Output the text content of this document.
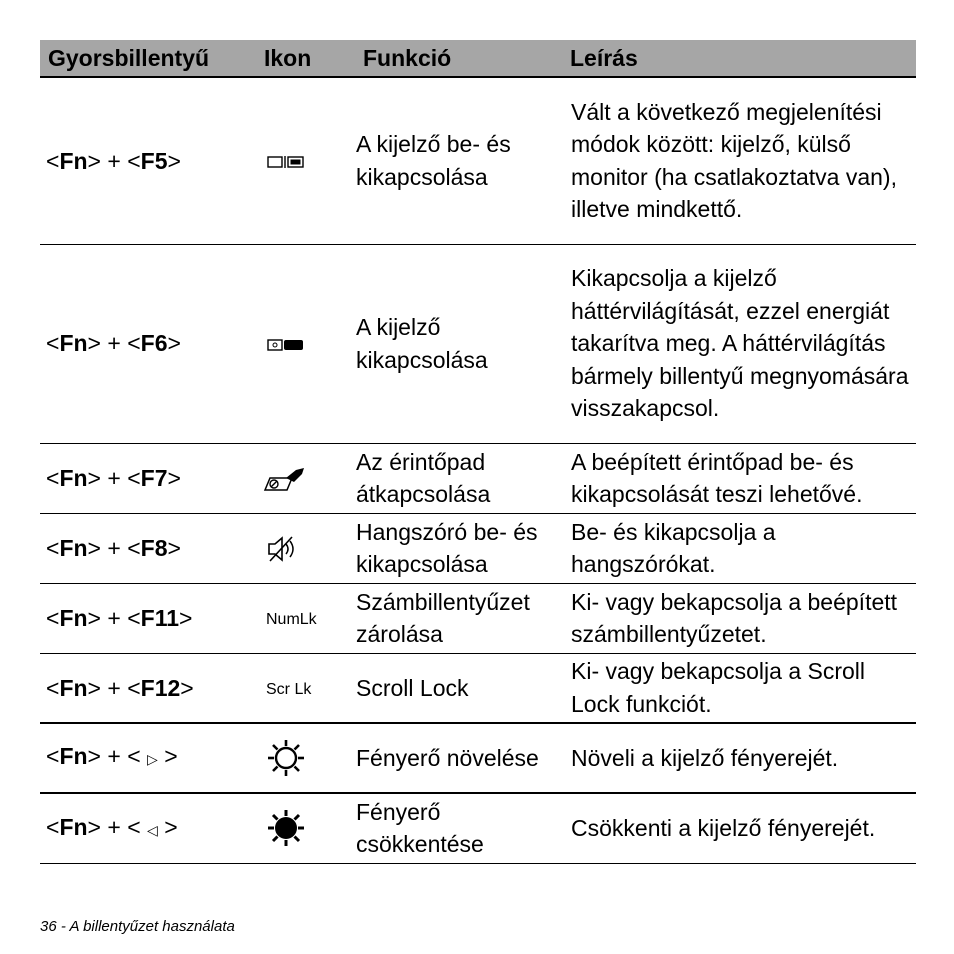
Gyorsbillentyű	Ikon	Funkció	Leírás
<Fn> + <F5>		A kijelző be- és kikapcsolása	Vált a következő megjelenítési módok között: kijelző, külső monitor (ha csatlakoztatva van), illetve mindkettő.
<Fn> + <F6>		A kijelző kikapcsolása	Kikapcsolja a kijelző háttérvilágítását, ezzel energiát takarítva meg. A háttérvilágítás bármely billentyű megnyomására visszakapcsol.
<Fn> + <F7>		Az érintőpad átkapcsolása	A beépített érintőpad be- és kikapcsolását teszi lehetővé.
<Fn> + <F8>		Hangszóró be- és kikapcsolása	Be- és kikapcsolja a hangszórókat.
<Fn> + <F11>	NumLk	Számbillentyűzet zárolása	Ki- vagy bekapcsolja a beépített számbillentyűzetet.
<Fn> + <F12>	Scr Lk	Scroll Lock	Ki- vagy bekapcsolja a Scroll Lock funkciót.
<Fn> + < ▷ >		Fényerő növelése	Növeli a kijelző fényerejét.
<Fn> + < ◁ >		Fényerő csökkentése	Csökkenti a kijelző fényerejét.
36 - A billentyűzet használata
